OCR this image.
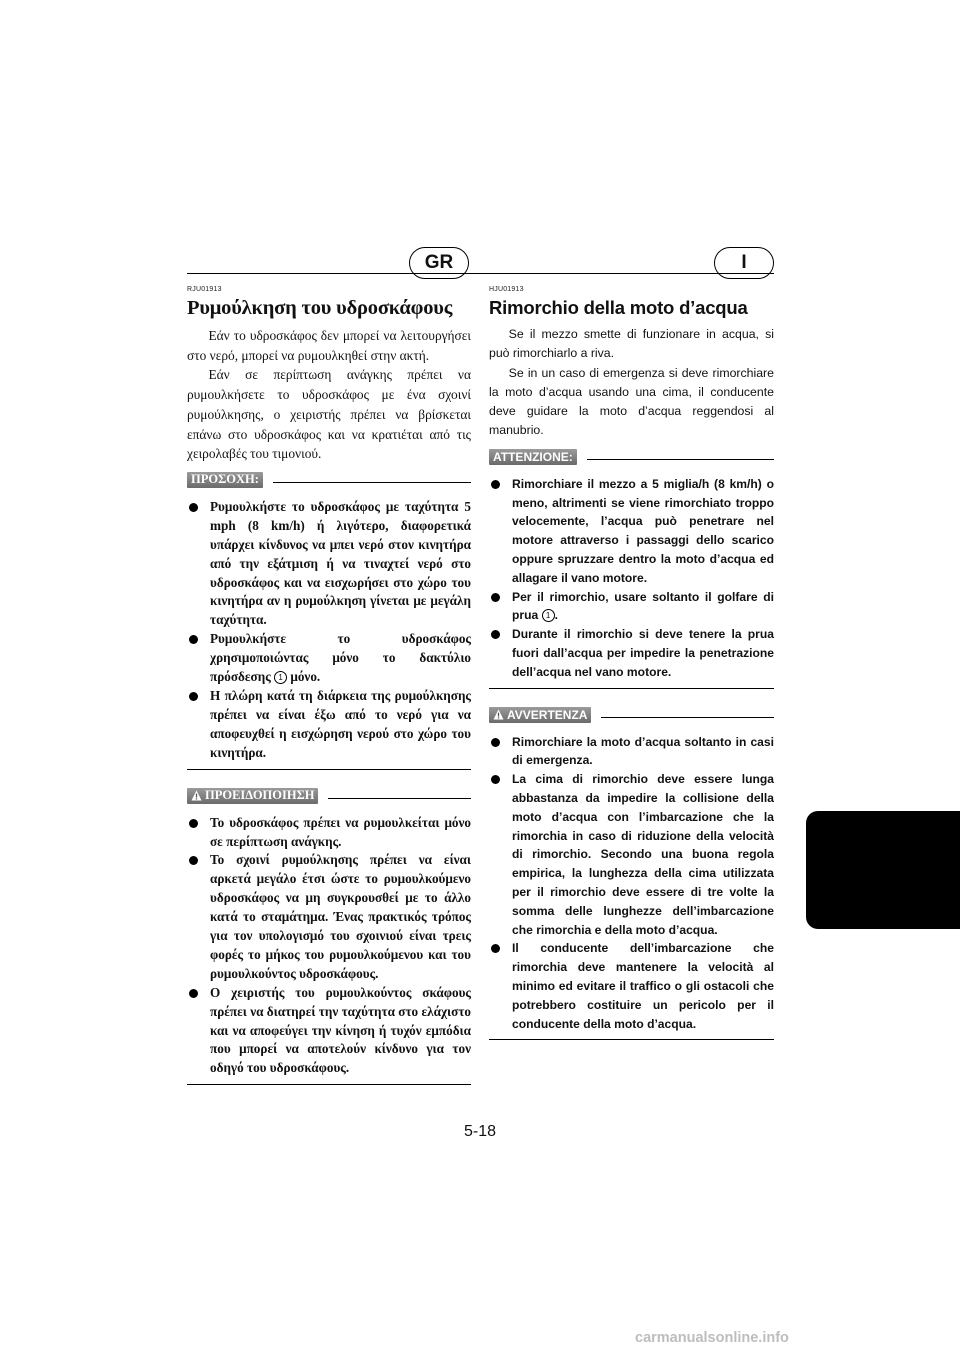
GR	I
RJU01913
Ρυμούλκηση του υδροσκάφους

Εάν το υδροσκάφος δεν μπορεί να λειτουργήσει στο νερό, μπορεί να ρυμουλκηθεί στην ακτή.

Εάν σε περίπτωση ανάγκης πρέπει να ρυμουλκήσετε το υδροσκάφος με ένα σχοινί ρυμούλκησης, ο χειριστής πρέπει να βρίσκεται επάνω στο υδροσκάφος και να κρατιέται από τις χειρολαβές του τιμονιού.

ΠΡΟΣΟΧΗ:
Ρυμουλκήστε το υδροσκάφος με ταχύτητα 5 mph (8 km/h) ή λιγότερο, διαφορετικά υπάρχει κίνδυνος να μπει νερό στον κινητήρα από την εξάτμιση ή να τιναχτεί νερό στο υδροσκάφος και να εισχωρήσει στο χώρο του κινητήρα αν η ρυμούλκηση γίνεται με μεγάλη ταχύτητα.
Ρυμουλκήστε το υδροσκάφος χρησιμοποιώντας μόνο το δακτύλιο πρόσδεσης 1 μόνο.
Η πλώρη κατά τη διάρκεια της ρυμούλκησης πρέπει να είναι έξω από το νερό για να αποφευχθεί η εισχώρηση νερού στο χώρο του κινητήρα.
ΠΡΟΕΙΔΟΠΟΙΗΣΗ
Το υδροσκάφος πρέπει να ρυμουλκείται μόνο σε περίπτωση ανάγκης.
Το σχοινί ρυμούλκησης πρέπει να είναι αρκετά μεγάλο έτσι ώστε το ρυμουλκούμενο υδροσκάφος να μη συγκρουσθεί με το άλλο κατά το σταμάτημα. Ένας πρακτικός τρόπος για τον υπολογισμό του σχοινιού είναι τρεις φορές το μήκος του ρυμουλκούμενου και του ρυμουλκούντος υδροσκάφους.
Ο χειριστής του ρυμουλκούντος σκάφους πρέπει να διατηρεί την ταχύτητα στο ελάχιστο και να αποφεύγει την κίνηση ή τυχόν εμπόδια που μπορεί να αποτελούν κίνδυνο για τον οδηγό του υδροσκάφους.
HJU01913
Rimorchio della moto d’acqua

Se il mezzo smette di funzionare in acqua, si può rimorchiarlo a riva.

Se in un caso di emergenza si deve rimorchiare la moto d’acqua usando una cima, il conducente deve guidare la moto d’acqua reggendosi al manubrio.

ATTENZIONE:
Rimorchiare il mezzo a 5 miglia/h (8 km/h) o meno, altrimenti se viene rimorchiato troppo velocemente, l’acqua può penetrare nel motore attraverso i passaggi dello scarico oppure spruzzare dentro la moto d’acqua ed allagare il vano motore.
Per il rimorchio, usare soltanto il golfare di prua 1 .
Durante il rimorchio si deve tenere la prua fuori dall’acqua per impedire la penetrazione dell’acqua nel vano motore.
AVVERTENZA
Rimorchiare la moto d’acqua soltanto in casi di emergenza.
La cima di rimorchio deve essere lunga abbastanza da impedire la collisione della moto d’acqua con l’imbarcazione che la rimorchia in caso di riduzione della velocità di rimorchio. Secondo una buona regola empirica, la lunghezza della cima utilizzata per il rimorchio deve essere di tre volte la somma delle lunghezze dell’imbarcazione che rimorchia e della moto d’acqua.
Il conducente dell’imbarcazione che rimorchia deve mantenere la velocità al minimo ed evitare il traffico o gli ostacoli che potrebbero costituire un pericolo per il conducente della moto d’acqua.
5-18
carmanualsonline.info
